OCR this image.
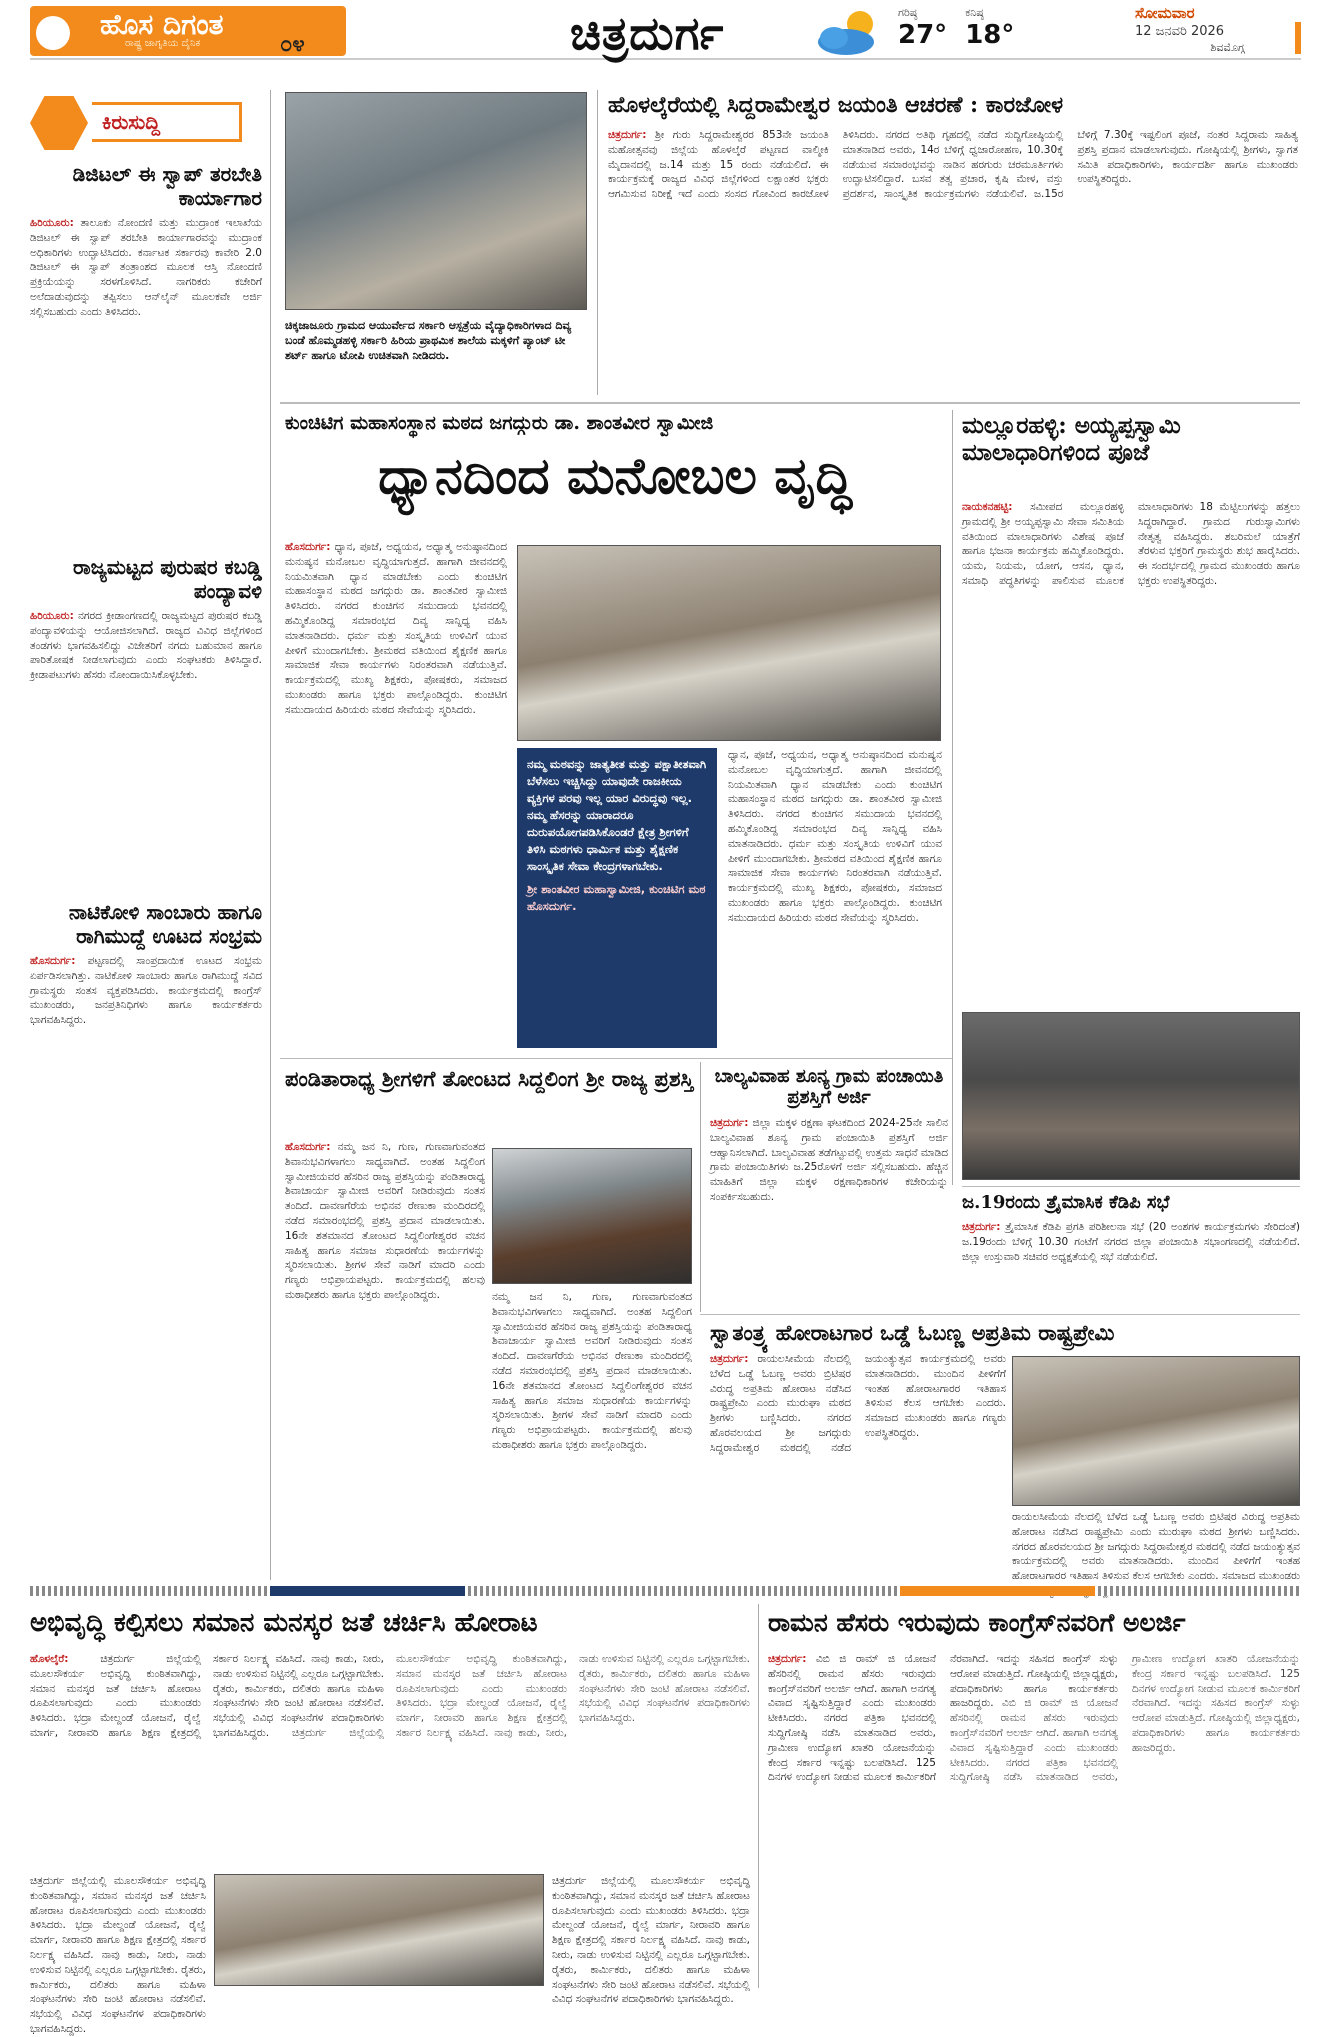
ಹೊಸ ದಿಗಂತ
ರಾಷ್ಟ್ರ ಜಾಗೃತಿಯ ದೈನಿಕ	೦೪	ಚಿತ್ರದುರ್ಗ	ಗರಿಷ್ಠ
27°
ಕನಿಷ್ಠ
18°
ಸೋಮವಾರ
12 ಜನವರಿ 2026
ಶಿವಮೊಗ್ಗ
ಕಿರುಸುದ್ದಿ
ಡಿಜಿಟಲ್ ಈ ಸ್ವಾಪ್ ತರಬೇತಿ ಕಾರ್ಯಾಗಾರ
ಹಿರಿಯೂರು: ತಾಲೂಕು ನೋಂದಣಿ ಮತ್ತು ಮುದ್ರಾಂಕ ಇಲಾಖೆಯ ಡಿಜಿಟಲ್ ಈ ಸ್ವಾಪ್ ತರಬೇತಿ ಕಾರ್ಯಾಗಾರವನ್ನು ಮುದ್ರಾಂಕ ಅಧಿಕಾರಿಗಳು ಉದ್ಘಾಟಿಸಿದರು. ಕರ್ನಾಟಕ ಸರ್ಕಾರವು ಕಾವೇರಿ 2.0 ಡಿಜಿಟಲ್ ಈ ಸ್ವಾಪ್ ತಂತ್ರಾಂಶದ ಮೂಲಕ ಆಸ್ತಿ ನೋಂದಣಿ ಪ್ರಕ್ರಿಯೆಯನ್ನು ಸರಳಗೊಳಿಸಿದೆ. ನಾಗರಿಕರು ಕಚೇರಿಗೆ ಅಲೆದಾಡುವುದನ್ನು ತಪ್ಪಿಸಲು ಆನ್‌ಲೈನ್ ಮೂಲಕವೇ ಅರ್ಜಿ ಸಲ್ಲಿಸಬಹುದು ಎಂದು ತಿಳಿಸಿದರು.
ರಾಜ್ಯಮಟ್ಟದ ಪುರುಷರ ಕಬಡ್ಡಿ ಪಂದ್ಯಾವಳಿ
ಹಿರಿಯೂರು: ನಗರದ ಕ್ರೀಡಾಂಗಣದಲ್ಲಿ ರಾಜ್ಯಮಟ್ಟದ ಪುರುಷರ ಕಬಡ್ಡಿ ಪಂದ್ಯಾವಳಿಯನ್ನು ಆಯೋಜಿಸಲಾಗಿದೆ. ರಾಜ್ಯದ ವಿವಿಧ ಜಿಲ್ಲೆಗಳಿಂದ ತಂಡಗಳು ಭಾಗವಹಿಸಲಿದ್ದು ವಿಜೇತರಿಗೆ ನಗದು ಬಹುಮಾನ ಹಾಗೂ ಪಾರಿತೋಷಕ ನೀಡಲಾಗುವುದು ಎಂದು ಸಂಘಟಕರು ತಿಳಿಸಿದ್ದಾರೆ. ಕ್ರೀಡಾಪಟುಗಳು ಹೆಸರು ನೋಂದಾಯಿಸಿಕೊಳ್ಳಬೇಕು.
ನಾಟಿಕೋಳಿ ಸಾಂಬಾರು ಹಾಗೂ ರಾಗಿಮುದ್ದೆ ಊಟದ ಸಂಭ್ರಮ
ಹೊಸದುರ್ಗ: ಪಟ್ಟಣದಲ್ಲಿ ಸಾಂಪ್ರದಾಯಿಕ ಊಟದ ಸಂಭ್ರಮ ಏರ್ಪಡಿಸಲಾಗಿತ್ತು. ನಾಟಿಕೋಳಿ ಸಾಂಬಾರು ಹಾಗೂ ರಾಗಿಮುದ್ದೆ ಸವಿದ ಗ್ರಾಮಸ್ಥರು ಸಂತಸ ವ್ಯಕ್ತಪಡಿಸಿದರು. ಕಾರ್ಯಕ್ರಮದಲ್ಲಿ ಕಾಂಗ್ರೆಸ್ ಮುಖಂಡರು, ಜನಪ್ರತಿನಿಧಿಗಳು ಹಾಗೂ ಕಾರ್ಯಕರ್ತರು ಭಾಗವಹಿಸಿದ್ದರು.
ಚಿಕ್ಕಜಾಜೂರು ಗ್ರಾಮದ ಆಯುರ್ವೇದ ಸರ್ಕಾರಿ ಆಸ್ಪತ್ರೆಯ ವೈದ್ಯಾಧಿಕಾರಿಗಳಾದ ದಿವ್ಯ ಬಂಡೆ ಹೊಮ್ಮಡಹಳ್ಳಿ ಸರ್ಕಾರಿ ಹಿರಿಯ ಪ್ರಾಥಮಿಕ ಶಾಲೆಯ ಮಕ್ಕಳಿಗೆ ಪ್ಯಾಂಟ್ ಟೀ ಶರ್ಟ್ ಹಾಗೂ ಟೋಪಿ ಉಚಿತವಾಗಿ ನೀಡಿದರು.
ಹೊಳಲ್ಕೆರೆಯಲ್ಲಿ ಸಿದ್ದರಾಮೇಶ್ವರ ಜಯಂತಿ ಆಚರಣೆ : ಕಾರಜೋಳ
ಚಿತ್ರದುರ್ಗ: ಶ್ರೀ ಗುರು ಸಿದ್ದರಾಮೇಶ್ವರರ 853ನೇ ಜಯಂತಿ ಮಹೋತ್ಸವವು ಜಿಲ್ಲೆಯ ಹೊಳಲ್ಕೆರೆ ಪಟ್ಟಣದ ವಾಲ್ಮೀಕಿ ಮೈದಾನದಲ್ಲಿ ಜ.14 ಮತ್ತು 15 ರಂದು ನಡೆಯಲಿದೆ. ಈ ಕಾರ್ಯಕ್ರಮಕ್ಕೆ ರಾಜ್ಯದ ವಿವಿಧ ಜಿಲ್ಲೆಗಳಿಂದ ಲಕ್ಷಾಂತರ ಭಕ್ತರು ಆಗಮಿಸುವ ನಿರೀಕ್ಷೆ ಇದೆ ಎಂದು ಸಂಸದ ಗೋವಿಂದ ಕಾರಜೋಳ ತಿಳಿಸಿದರು. ನಗರದ ಅತಿಥಿ ಗೃಹದಲ್ಲಿ ನಡೆದ ಸುದ್ದಿಗೋಷ್ಠಿಯಲ್ಲಿ ಮಾತನಾಡಿದ ಅವರು, 14ರ ಬೆಳಿಗ್ಗೆ ಧ್ವಜಾರೋಹಣ, 10.30ಕ್ಕೆ ನಡೆಯುವ ಸಮಾರಂಭವನ್ನು ನಾಡಿನ ಹರಗುರು ಚರಮೂರ್ತಿಗಳು ಉದ್ಘಾಟಿಸಲಿದ್ದಾರೆ. ಬಸವ ತತ್ವ ಪ್ರಚಾರ, ಕೃಷಿ ಮೇಳ, ವಸ್ತು ಪ್ರದರ್ಶನ, ಸಾಂಸ್ಕೃತಿಕ ಕಾರ್ಯಕ್ರಮಗಳು ನಡೆಯಲಿವೆ. ಜ.15ರ ಬೆಳಿಗ್ಗೆ 7.30ಕ್ಕೆ ಇಷ್ಟಲಿಂಗ ಪೂಜೆ, ನಂತರ ಸಿದ್ದರಾಮ ಸಾಹಿತ್ಯ ಪ್ರಶಸ್ತಿ ಪ್ರದಾನ ಮಾಡಲಾಗುವುದು. ಗೋಷ್ಠಿಯಲ್ಲಿ ಶ್ರೀಗಳು, ಸ್ವಾಗತ ಸಮಿತಿ ಪದಾಧಿಕಾರಿಗಳು, ಕಾರ್ಯದರ್ಶಿ ಹಾಗೂ ಮುಖಂಡರು ಉಪಸ್ಥಿತರಿದ್ದರು.
ಕುಂಚಿಟಿಗ ಮಹಾಸಂಸ್ಥಾನ ಮಠದ ಜಗದ್ಗುರು ಡಾ. ಶಾಂತವೀರ ಸ್ವಾಮೀಜಿ
ಧ್ಯಾನದಿಂದ ಮನೋಬಲ ವೃದ್ಧಿ
ಹೊಸದುರ್ಗ: ಧ್ಯಾನ, ಪೂಜೆ, ಅಧ್ಯಯನ, ಅಧ್ಯಾತ್ಮ ಅನುಷ್ಠಾನದಿಂದ ಮನುಷ್ಯನ ಮನೋಬಲ ವೃದ್ಧಿಯಾಗುತ್ತದೆ. ಹಾಗಾಗಿ ಜೀವನದಲ್ಲಿ ನಿಯಮಿತವಾಗಿ ಧ್ಯಾನ ಮಾಡಬೇಕು ಎಂದು ಕುಂಚಿಟಿಗ ಮಹಾಸಂಸ್ಥಾನ ಮಠದ ಜಗದ್ಗುರು ಡಾ. ಶಾಂತವೀರ ಸ್ವಾಮೀಜಿ ತಿಳಿಸಿದರು. ನಗರದ ಕುಂಚಿಗನ ಸಮುದಾಯ ಭವನದಲ್ಲಿ ಹಮ್ಮಿಕೊಂಡಿದ್ದ ಸಮಾರಂಭದ ದಿವ್ಯ ಸಾನ್ನಿಧ್ಯ ವಹಿಸಿ ಮಾತನಾಡಿದರು. ಧರ್ಮ ಮತ್ತು ಸಂಸ್ಕೃತಿಯ ಉಳಿವಿಗೆ ಯುವ ಪೀಳಿಗೆ ಮುಂದಾಗಬೇಕು. ಶ್ರೀಮಠದ ವತಿಯಿಂದ ಶೈಕ್ಷಣಿಕ ಹಾಗೂ ಸಾಮಾಜಿಕ ಸೇವಾ ಕಾರ್ಯಗಳು ನಿರಂತರವಾಗಿ ನಡೆಯುತ್ತಿವೆ. ಕಾರ್ಯಕ್ರಮದಲ್ಲಿ ಮುಖ್ಯ ಶಿಕ್ಷಕರು, ಪೋಷಕರು, ಸಮಾಜದ ಮುಖಂಡರು ಹಾಗೂ ಭಕ್ತರು ಪಾಲ್ಗೊಂಡಿದ್ದರು. ಕುಂಚಿಟಿಗ ಸಮುದಾಯದ ಹಿರಿಯರು ಮಠದ ಸೇವೆಯನ್ನು ಸ್ಮರಿಸಿದರು.
ನಮ್ಮ ಮಠವನ್ನು ಜಾತ್ಯತೀತ ಮತ್ತು ಪಕ್ಷಾತೀತವಾಗಿ ಬೆಳೆಸಲು ಇಚ್ಚಿಸಿದ್ದು ಯಾವುದೇ ರಾಜಕೀಯ ವ್ಯಕ್ತಿಗಳ ಪರವು ಇಲ್ಲ ಯಾರ ವಿರುದ್ಧವು ಇಲ್ಲ. ನಮ್ಮ ಹೆಸರನ್ನು ಯಾರಾದರೂ ದುರುಪಯೋಗಪಡಿಸಿಕೊಂಡರೆ ಕ್ಷೇತ್ರ ಶ್ರೀಗಳಿಗೆ ತಿಳಿಸಿ ಮಠಗಳು ಧಾರ್ಮಿಕ ಮತ್ತು ಶೈಕ್ಷಣಿಕ ಸಾಂಸ್ಕೃತಿಕ ಸೇವಾ ಕೇಂದ್ರಗಳಾಗಬೇಕು.
ಶ್ರೀ ಶಾಂತವೀರ ಮಹಾಸ್ವಾಮೀಜಿ, ಕುಂಚಿಟಿಗ ಮಠ ಹೊಸದುರ್ಗ.
ಧ್ಯಾನ, ಪೂಜೆ, ಅಧ್ಯಯನ, ಅಧ್ಯಾತ್ಮ ಅನುಷ್ಠಾನದಿಂದ ಮನುಷ್ಯನ ಮನೋಬಲ ವೃದ್ಧಿಯಾಗುತ್ತದೆ. ಹಾಗಾಗಿ ಜೀವನದಲ್ಲಿ ನಿಯಮಿತವಾಗಿ ಧ್ಯಾನ ಮಾಡಬೇಕು ಎಂದು ಕುಂಚಿಟಿಗ ಮಹಾಸಂಸ್ಥಾನ ಮಠದ ಜಗದ್ಗುರು ಡಾ. ಶಾಂತವೀರ ಸ್ವಾಮೀಜಿ ತಿಳಿಸಿದರು. ನಗರದ ಕುಂಚಿಗನ ಸಮುದಾಯ ಭವನದಲ್ಲಿ ಹಮ್ಮಿಕೊಂಡಿದ್ದ ಸಮಾರಂಭದ ದಿವ್ಯ ಸಾನ್ನಿಧ್ಯ ವಹಿಸಿ ಮಾತನಾಡಿದರು. ಧರ್ಮ ಮತ್ತು ಸಂಸ್ಕೃತಿಯ ಉಳಿವಿಗೆ ಯುವ ಪೀಳಿಗೆ ಮುಂದಾಗಬೇಕು. ಶ್ರೀಮಠದ ವತಿಯಿಂದ ಶೈಕ್ಷಣಿಕ ಹಾಗೂ ಸಾಮಾಜಿಕ ಸೇವಾ ಕಾರ್ಯಗಳು ನಿರಂತರವಾಗಿ ನಡೆಯುತ್ತಿವೆ. ಕಾರ್ಯಕ್ರಮದಲ್ಲಿ ಮುಖ್ಯ ಶಿಕ್ಷಕರು, ಪೋಷಕರು, ಸಮಾಜದ ಮುಖಂಡರು ಹಾಗೂ ಭಕ್ತರು ಪಾಲ್ಗೊಂಡಿದ್ದರು. ಕುಂಚಿಟಿಗ ಸಮುದಾಯದ ಹಿರಿಯರು ಮಠದ ಸೇವೆಯನ್ನು ಸ್ಮರಿಸಿದರು.
ಮಲ್ಲೂರಹಳ್ಳಿ: ಅಯ್ಯಪ್ಪಸ್ವಾಮಿ ಮಾಲಾಧಾರಿಗಳಿಂದ ಪೂಜೆ
ನಾಯಕನಹಟ್ಟಿ: ಸಮೀಪದ ಮಲ್ಲೂರಹಳ್ಳಿ ಗ್ರಾಮದಲ್ಲಿ ಶ್ರೀ ಅಯ್ಯಪ್ಪಸ್ವಾಮಿ ಸೇವಾ ಸಮಿತಿಯ ವತಿಯಿಂದ ಮಾಲಾಧಾರಿಗಳು ವಿಶೇಷ ಪೂಜೆ ಹಾಗೂ ಭಜನಾ ಕಾರ್ಯಕ್ರಮ ಹಮ್ಮಿಕೊಂಡಿದ್ದರು. ಯಮ, ನಿಯಮ, ಯೋಗ, ಆಸನ, ಧ್ಯಾನ, ಸಮಾಧಿ ಪದ್ಧತಿಗಳನ್ನು ಪಾಲಿಸುವ ಮೂಲಕ ಮಾಲಾಧಾರಿಗಳು 18 ಮೆಟ್ಟಿಲುಗಳನ್ನು ಹತ್ತಲು ಸಿದ್ಧರಾಗಿದ್ದಾರೆ. ಗ್ರಾಮದ ಗುರುಸ್ವಾಮಿಗಳು ನೇತೃತ್ವ ವಹಿಸಿದ್ದರು. ಶಬರಿಮಲೆ ಯಾತ್ರೆಗೆ ತೆರಳುವ ಭಕ್ತರಿಗೆ ಗ್ರಾಮಸ್ಥರು ಶುಭ ಹಾರೈಸಿದರು. ಈ ಸಂದರ್ಭದಲ್ಲಿ ಗ್ರಾಮದ ಮುಖಂಡರು ಹಾಗೂ ಭಕ್ತರು ಉಪಸ್ಥಿತರಿದ್ದರು.
ಪಂಡಿತಾರಾಧ್ಯ ಶ್ರೀಗಳಿಗೆ ತೋಂಟದ ಸಿದ್ದಲಿಂಗ ಶ್ರೀ ರಾಜ್ಯ ಪ್ರಶಸ್ತಿ
ಹೊಸದುರ್ಗ: ನಮ್ಮ ಜನ ನಿ, ಗುಣ, ಗುಣವಾಗುವಂತದ ಶಿವಾನುಭವಿಗಳಾಗಲು ಸಾಧ್ಯವಾಗಿದೆ. ಅಂತಹ ಸಿದ್ದಲಿಂಗ ಸ್ವಾಮೀಜಿಯವರ ಹೆಸರಿನ ರಾಜ್ಯ ಪ್ರಶಸ್ತಿಯನ್ನು ಪಂಡಿತಾರಾಧ್ಯ ಶಿವಾಚಾರ್ಯ ಸ್ವಾಮೀಜಿ ಅವರಿಗೆ ನೀಡಿರುವುದು ಸಂತಸ ತಂದಿದೆ. ದಾವಣಗೆರೆಯ ಅಭಿನವ ರೇಣುಕಾ ಮಂದಿರದಲ್ಲಿ ನಡೆದ ಸಮಾರಂಭದಲ್ಲಿ ಪ್ರಶಸ್ತಿ ಪ್ರದಾನ ಮಾಡಲಾಯಿತು. 16ನೇ ಶತಮಾನದ ತೋಂಟದ ಸಿದ್ದಲಿಂಗೇಶ್ವರರ ವಚನ ಸಾಹಿತ್ಯ ಹಾಗೂ ಸಮಾಜ ಸುಧಾರಣೆಯ ಕಾರ್ಯಗಳನ್ನು ಸ್ಮರಿಸಲಾಯಿತು. ಶ್ರೀಗಳ ಸೇವೆ ನಾಡಿಗೆ ಮಾದರಿ ಎಂದು ಗಣ್ಯರು ಅಭಿಪ್ರಾಯಪಟ್ಟರು. ಕಾರ್ಯಕ್ರಮದಲ್ಲಿ ಹಲವು ಮಠಾಧೀಶರು ಹಾಗೂ ಭಕ್ತರು ಪಾಲ್ಗೊಂಡಿದ್ದರು.	ನಮ್ಮ ಜನ ನಿ, ಗುಣ, ಗುಣವಾಗುವಂತದ ಶಿವಾನುಭವಿಗಳಾಗಲು ಸಾಧ್ಯವಾಗಿದೆ. ಅಂತಹ ಸಿದ್ದಲಿಂಗ ಸ್ವಾಮೀಜಿಯವರ ಹೆಸರಿನ ರಾಜ್ಯ ಪ್ರಶಸ್ತಿಯನ್ನು ಪಂಡಿತಾರಾಧ್ಯ ಶಿವಾಚಾರ್ಯ ಸ್ವಾಮೀಜಿ ಅವರಿಗೆ ನೀಡಿರುವುದು ಸಂತಸ ತಂದಿದೆ. ದಾವಣಗೆರೆಯ ಅಭಿನವ ರೇಣುಕಾ ಮಂದಿರದಲ್ಲಿ ನಡೆದ ಸಮಾರಂಭದಲ್ಲಿ ಪ್ರಶಸ್ತಿ ಪ್ರದಾನ ಮಾಡಲಾಯಿತು. 16ನೇ ಶತಮಾನದ ತೋಂಟದ ಸಿದ್ದಲಿಂಗೇಶ್ವರರ ವಚನ ಸಾಹಿತ್ಯ ಹಾಗೂ ಸಮಾಜ ಸುಧಾರಣೆಯ ಕಾರ್ಯಗಳನ್ನು ಸ್ಮರಿಸಲಾಯಿತು. ಶ್ರೀಗಳ ಸೇವೆ ನಾಡಿಗೆ ಮಾದರಿ ಎಂದು ಗಣ್ಯರು ಅಭಿಪ್ರಾಯಪಟ್ಟರು. ಕಾರ್ಯಕ್ರಮದಲ್ಲಿ ಹಲವು ಮಠಾಧೀಶರು ಹಾಗೂ ಭಕ್ತರು ಪಾಲ್ಗೊಂಡಿದ್ದರು.
ಬಾಲ್ಯವಿವಾಹ ಶೂನ್ಯ ಗ್ರಾಮ ಪಂಚಾಯಿತಿ ಪ್ರಶಸ್ತಿಗೆ ಅರ್ಜಿ
ಚಿತ್ರದುರ್ಗ: ಜಿಲ್ಲಾ ಮಕ್ಕಳ ರಕ್ಷಣಾ ಘಟಕದಿಂದ 2024-25ನೇ ಸಾಲಿನ ಬಾಲ್ಯವಿವಾಹ ಶೂನ್ಯ ಗ್ರಾಮ ಪಂಚಾಯಿತಿ ಪ್ರಶಸ್ತಿಗೆ ಅರ್ಜಿ ಆಹ್ವಾನಿಸಲಾಗಿದೆ. ಬಾಲ್ಯವಿವಾಹ ತಡೆಗಟ್ಟುವಲ್ಲಿ ಉತ್ತಮ ಸಾಧನೆ ಮಾಡಿದ ಗ್ರಾಮ ಪಂಚಾಯಿತಿಗಳು ಜ.25ರೊಳಗೆ ಅರ್ಜಿ ಸಲ್ಲಿಸಬಹುದು. ಹೆಚ್ಚಿನ ಮಾಹಿತಿಗೆ ಜಿಲ್ಲಾ ಮಕ್ಕಳ ರಕ್ಷಣಾಧಿಕಾರಿಗಳ ಕಚೇರಿಯನ್ನು ಸಂಪರ್ಕಿಸಬಹುದು.	ಜ.19ರಂದು ತ್ರೈಮಾಸಿಕ ಕೆಡಿಪಿ ಸಭೆ
ಚಿತ್ರದುರ್ಗ: ತ್ರೈಮಾಸಿಕ ಕೆಡಿಪಿ ಪ್ರಗತಿ ಪರಿಶೀಲನಾ ಸಭೆ (20 ಅಂಶಗಳ ಕಾರ್ಯಕ್ರಮಗಳು ಸೇರಿದಂತೆ) ಜ.19ರಂದು ಬೆಳಿಗ್ಗೆ 10.30 ಗಂಟೆಗೆ ನಗರದ ಜಿಲ್ಲಾ ಪಂಚಾಯಿತಿ ಸಭಾಂಗಣದಲ್ಲಿ ನಡೆಯಲಿದೆ. ಜಿಲ್ಲಾ ಉಸ್ತುವಾರಿ ಸಚಿವರ ಅಧ್ಯಕ್ಷತೆಯಲ್ಲಿ ಸಭೆ ನಡೆಯಲಿದೆ.
ಸ್ವಾತಂತ್ರ್ಯ ಹೋರಾಟಗಾರ ಒಡ್ಡೆ ಓಬಣ್ಣ ಅಪ್ರತಿಮ ರಾಷ್ಟ್ರಪ್ರೇಮಿ
ಚಿತ್ರದುರ್ಗ: ರಾಯಲಸೀಮೆಯ ನೆಲದಲ್ಲಿ ಬೆಳೆದ ಒಡ್ಡೆ ಓಬಣ್ಣ ಅವರು ಬ್ರಿಟಿಷರ ವಿರುದ್ಧ ಅಪ್ರತಿಮ ಹೋರಾಟ ನಡೆಸಿದ ರಾಷ್ಟ್ರಪ್ರೇಮಿ ಎಂದು ಮುರುಘಾ ಮಠದ ಶ್ರೀಗಳು ಬಣ್ಣಿಸಿದರು. ನಗರದ ಹೊರವಲಯದ ಶ್ರೀ ಜಗದ್ಗುರು ಸಿದ್ದರಾಮೇಶ್ವರ ಮಠದಲ್ಲಿ ನಡೆದ ಜಯಂತ್ಯುತ್ಸವ ಕಾರ್ಯಕ್ರಮದಲ್ಲಿ ಅವರು ಮಾತನಾಡಿದರು. ಮುಂದಿನ ಪೀಳಿಗೆಗೆ ಇಂತಹ ಹೋರಾಟಗಾರರ ಇತಿಹಾಸ ತಿಳಿಸುವ ಕೆಲಸ ಆಗಬೇಕು ಎಂದರು. ಸಮಾಜದ ಮುಖಂಡರು ಹಾಗೂ ಗಣ್ಯರು ಉಪಸ್ಥಿತರಿದ್ದರು.
ರಾಯಲಸೀಮೆಯ ನೆಲದಲ್ಲಿ ಬೆಳೆದ ಒಡ್ಡೆ ಓಬಣ್ಣ ಅವರು ಬ್ರಿಟಿಷರ ವಿರುದ್ಧ ಅಪ್ರತಿಮ ಹೋರಾಟ ನಡೆಸಿದ ರಾಷ್ಟ್ರಪ್ರೇಮಿ ಎಂದು ಮುರುಘಾ ಮಠದ ಶ್ರೀಗಳು ಬಣ್ಣಿಸಿದರು. ನಗರದ ಹೊರವಲಯದ ಶ್ರೀ ಜಗದ್ಗುರು ಸಿದ್ದರಾಮೇಶ್ವರ ಮಠದಲ್ಲಿ ನಡೆದ ಜಯಂತ್ಯುತ್ಸವ ಕಾರ್ಯಕ್ರಮದಲ್ಲಿ ಅವರು ಮಾತನಾಡಿದರು. ಮುಂದಿನ ಪೀಳಿಗೆಗೆ ಇಂತಹ ಹೋರಾಟಗಾರರ ಇತಿಹಾಸ ತಿಳಿಸುವ ಕೆಲಸ ಆಗಬೇಕು ಎಂದರು. ಸಮಾಜದ ಮುಖಂಡರು
ಅಭಿವೃದ್ಧಿ ಕಲ್ಪಿಸಲು ಸಮಾನ ಮನಸ್ಕರ ಜತೆ ಚರ್ಚಿಸಿ ಹೋರಾಟ
ಹೊಳಲ್ಕೆರೆ:	ಚಿತ್ರದುರ್ಗ ಜಿಲ್ಲೆಯಲ್ಲಿ ಮೂಲಸೌಕರ್ಯ ಅಭಿವೃದ್ಧಿ ಕುಂಠಿತವಾಗಿದ್ದು, ಸಮಾನ ಮನಸ್ಕರ ಜತೆ ಚರ್ಚಿಸಿ ಹೋರಾಟ ರೂಪಿಸಲಾಗುವುದು ಎಂದು ಮುಖಂಡರು ತಿಳಿಸಿದರು. ಭದ್ರಾ ಮೇಲ್ದಂಡೆ ಯೋಜನೆ, ರೈಲ್ವೆ ಮಾರ್ಗ, ನೀರಾವರಿ ಹಾಗೂ ಶಿಕ್ಷಣ ಕ್ಷೇತ್ರದಲ್ಲಿ ಸರ್ಕಾರ ನಿರ್ಲಕ್ಷ್ಯ ವಹಿಸಿದೆ. ನಾವು ಕಾಡು, ನೀರು, ನಾಡು ಉಳಿಸುವ ನಿಟ್ಟಿನಲ್ಲಿ ಎಲ್ಲರೂ ಒಗ್ಗಟ್ಟಾಗಬೇಕು. ರೈತರು, ಕಾರ್ಮಿಕರು, ದಲಿತರು ಹಾಗೂ ಮಹಿಳಾ ಸಂಘಟನೆಗಳು ಸೇರಿ ಜಂಟಿ ಹೋರಾಟ ನಡೆಸಲಿವೆ. ಸಭೆಯಲ್ಲಿ ವಿವಿಧ ಸಂಘಟನೆಗಳ ಪದಾಧಿಕಾರಿಗಳು ಭಾಗವಹಿಸಿದ್ದರು. ಚಿತ್ರದುರ್ಗ ಜಿಲ್ಲೆಯಲ್ಲಿ ಮೂಲಸೌಕರ್ಯ ಅಭಿವೃದ್ಧಿ ಕುಂಠಿತವಾಗಿದ್ದು, ಸಮಾನ ಮನಸ್ಕರ ಜತೆ ಚರ್ಚಿಸಿ ಹೋರಾಟ ರೂಪಿಸಲಾಗುವುದು ಎಂದು ಮುಖಂಡರು ತಿಳಿಸಿದರು. ಭದ್ರಾ ಮೇಲ್ದಂಡೆ ಯೋಜನೆ, ರೈಲ್ವೆ ಮಾರ್ಗ, ನೀರಾವರಿ ಹಾಗೂ ಶಿಕ್ಷಣ ಕ್ಷೇತ್ರದಲ್ಲಿ ಸರ್ಕಾರ ನಿರ್ಲಕ್ಷ್ಯ ವಹಿಸಿದೆ. ನಾವು ಕಾಡು, ನೀರು, ನಾಡು ಉಳಿಸುವ ನಿಟ್ಟಿನಲ್ಲಿ ಎಲ್ಲರೂ ಒಗ್ಗಟ್ಟಾಗಬೇಕು. ರೈತರು, ಕಾರ್ಮಿಕರು, ದಲಿತರು ಹಾಗೂ ಮಹಿಳಾ ಸಂಘಟನೆಗಳು ಸೇರಿ ಜಂಟಿ ಹೋರಾಟ ನಡೆಸಲಿವೆ. ಸಭೆಯಲ್ಲಿ ವಿವಿಧ ಸಂಘಟನೆಗಳ ಪದಾಧಿಕಾರಿಗಳು ಭಾಗವಹಿಸಿದ್ದರು.
ಚಿತ್ರದುರ್ಗ ಜಿಲ್ಲೆಯಲ್ಲಿ ಮೂಲಸೌಕರ್ಯ ಅಭಿವೃದ್ಧಿ ಕುಂಠಿತವಾಗಿದ್ದು, ಸಮಾನ ಮನಸ್ಕರ ಜತೆ ಚರ್ಚಿಸಿ ಹೋರಾಟ ರೂಪಿಸಲಾಗುವುದು ಎಂದು ಮುಖಂಡರು ತಿಳಿಸಿದರು. ಭದ್ರಾ ಮೇಲ್ದಂಡೆ ಯೋಜನೆ, ರೈಲ್ವೆ ಮಾರ್ಗ, ನೀರಾವರಿ ಹಾಗೂ ಶಿಕ್ಷಣ ಕ್ಷೇತ್ರದಲ್ಲಿ ಸರ್ಕಾರ ನಿರ್ಲಕ್ಷ್ಯ ವಹಿಸಿದೆ. ನಾವು ಕಾಡು, ನೀರು, ನಾಡು ಉಳಿಸುವ ನಿಟ್ಟಿನಲ್ಲಿ ಎಲ್ಲರೂ ಒಗ್ಗಟ್ಟಾಗಬೇಕು. ರೈತರು, ಕಾರ್ಮಿಕರು, ದಲಿತರು ಹಾಗೂ ಮಹಿಳಾ ಸಂಘಟನೆಗಳು ಸೇರಿ ಜಂಟಿ ಹೋರಾಟ ನಡೆಸಲಿವೆ. ಸಭೆಯಲ್ಲಿ ವಿವಿಧ ಸಂಘಟನೆಗಳ ಪದಾಧಿಕಾರಿಗಳು ಭಾಗವಹಿಸಿದ್ದರು.
ಚಿತ್ರದುರ್ಗ ಜಿಲ್ಲೆಯಲ್ಲಿ ಮೂಲಸೌಕರ್ಯ ಅಭಿವೃದ್ಧಿ ಕುಂಠಿತವಾಗಿದ್ದು, ಸಮಾನ ಮನಸ್ಕರ ಜತೆ ಚರ್ಚಿಸಿ ಹೋರಾಟ ರೂಪಿಸಲಾಗುವುದು ಎಂದು ಮುಖಂಡರು ತಿಳಿಸಿದರು. ಭದ್ರಾ ಮೇಲ್ದಂಡೆ ಯೋಜನೆ, ರೈಲ್ವೆ ಮಾರ್ಗ, ನೀರಾವರಿ ಹಾಗೂ ಶಿಕ್ಷಣ ಕ್ಷೇತ್ರದಲ್ಲಿ ಸರ್ಕಾರ ನಿರ್ಲಕ್ಷ್ಯ ವಹಿಸಿದೆ. ನಾವು ಕಾಡು, ನೀರು, ನಾಡು ಉಳಿಸುವ ನಿಟ್ಟಿನಲ್ಲಿ ಎಲ್ಲರೂ ಒಗ್ಗಟ್ಟಾಗಬೇಕು. ರೈತರು, ಕಾರ್ಮಿಕರು, ದಲಿತರು ಹಾಗೂ ಮಹಿಳಾ ಸಂಘಟನೆಗಳು ಸೇರಿ ಜಂಟಿ ಹೋರಾಟ ನಡೆಸಲಿವೆ. ಸಭೆಯಲ್ಲಿ ವಿವಿಧ ಸಂಘಟನೆಗಳ ಪದಾಧಿಕಾರಿಗಳು ಭಾಗವಹಿಸಿದ್ದರು.
ರಾಮನ ಹೆಸರು ಇರುವುದು ಕಾಂಗ್ರೆಸ್‌ನವರಿಗೆ ಅಲರ್ಜಿ
ಚಿತ್ರದುರ್ಗ: ವಿಬಿ ಜಿ ರಾಮ್ ಜಿ ಯೋಜನೆ ಹೆಸರಿನಲ್ಲಿ ರಾಮನ ಹೆಸರು ಇರುವುದು ಕಾಂಗ್ರೆಸ್‌ನವರಿಗೆ ಅಲರ್ಜಿ ಆಗಿದೆ. ಹಾಗಾಗಿ ಅನಗತ್ಯ ವಿವಾದ ಸೃಷ್ಟಿಸುತ್ತಿದ್ದಾರೆ ಎಂದು ಮುಖಂಡರು ಟೀಕಿಸಿದರು. ನಗರದ ಪತ್ರಿಕಾ ಭವನದಲ್ಲಿ ಸುದ್ದಿಗೋಷ್ಠಿ ನಡೆಸಿ ಮಾತನಾಡಿದ ಅವರು, ಗ್ರಾಮೀಣ ಉದ್ಯೋಗ ಖಾತರಿ ಯೋಜನೆಯನ್ನು ಕೇಂದ್ರ ಸರ್ಕಾರ ಇನ್ನಷ್ಟು ಬಲಪಡಿಸಿದೆ. 125 ದಿನಗಳ ಉದ್ಯೋಗ ನೀಡುವ ಮೂಲಕ ಕಾರ್ಮಿಕರಿಗೆ ನೆರವಾಗಿದೆ. ಇದನ್ನು ಸಹಿಸದ ಕಾಂಗ್ರೆಸ್ ಸುಳ್ಳು ಆರೋಪ ಮಾಡುತ್ತಿದೆ. ಗೋಷ್ಠಿಯಲ್ಲಿ ಜಿಲ್ಲಾಧ್ಯಕ್ಷರು, ಪದಾಧಿಕಾರಿಗಳು ಹಾಗೂ ಕಾರ್ಯಕರ್ತರು ಹಾಜರಿದ್ದರು. ವಿಬಿ ಜಿ ರಾಮ್ ಜಿ ಯೋಜನೆ ಹೆಸರಿನಲ್ಲಿ ರಾಮನ ಹೆಸರು ಇರುವುದು ಕಾಂಗ್ರೆಸ್‌ನವರಿಗೆ ಅಲರ್ಜಿ ಆಗಿದೆ. ಹಾಗಾಗಿ ಅನಗತ್ಯ ವಿವಾದ ಸೃಷ್ಟಿಸುತ್ತಿದ್ದಾರೆ ಎಂದು ಮುಖಂಡರು ಟೀಕಿಸಿದರು. ನಗರದ ಪತ್ರಿಕಾ ಭವನದಲ್ಲಿ ಸುದ್ದಿಗೋಷ್ಠಿ ನಡೆಸಿ ಮಾತನಾಡಿದ ಅವರು, ಗ್ರಾಮೀಣ ಉದ್ಯೋಗ ಖಾತರಿ ಯೋಜನೆಯನ್ನು ಕೇಂದ್ರ ಸರ್ಕಾರ ಇನ್ನಷ್ಟು ಬಲಪಡಿಸಿದೆ. 125 ದಿನಗಳ ಉದ್ಯೋಗ ನೀಡುವ ಮೂಲಕ ಕಾರ್ಮಿಕರಿಗೆ ನೆರವಾಗಿದೆ. ಇದನ್ನು ಸಹಿಸದ ಕಾಂಗ್ರೆಸ್ ಸುಳ್ಳು ಆರೋಪ ಮಾಡುತ್ತಿದೆ. ಗೋಷ್ಠಿಯಲ್ಲಿ ಜಿಲ್ಲಾಧ್ಯಕ್ಷರು, ಪದಾಧಿಕಾರಿಗಳು ಹಾಗೂ ಕಾರ್ಯಕರ್ತರು ಹಾಜರಿದ್ದರು.
